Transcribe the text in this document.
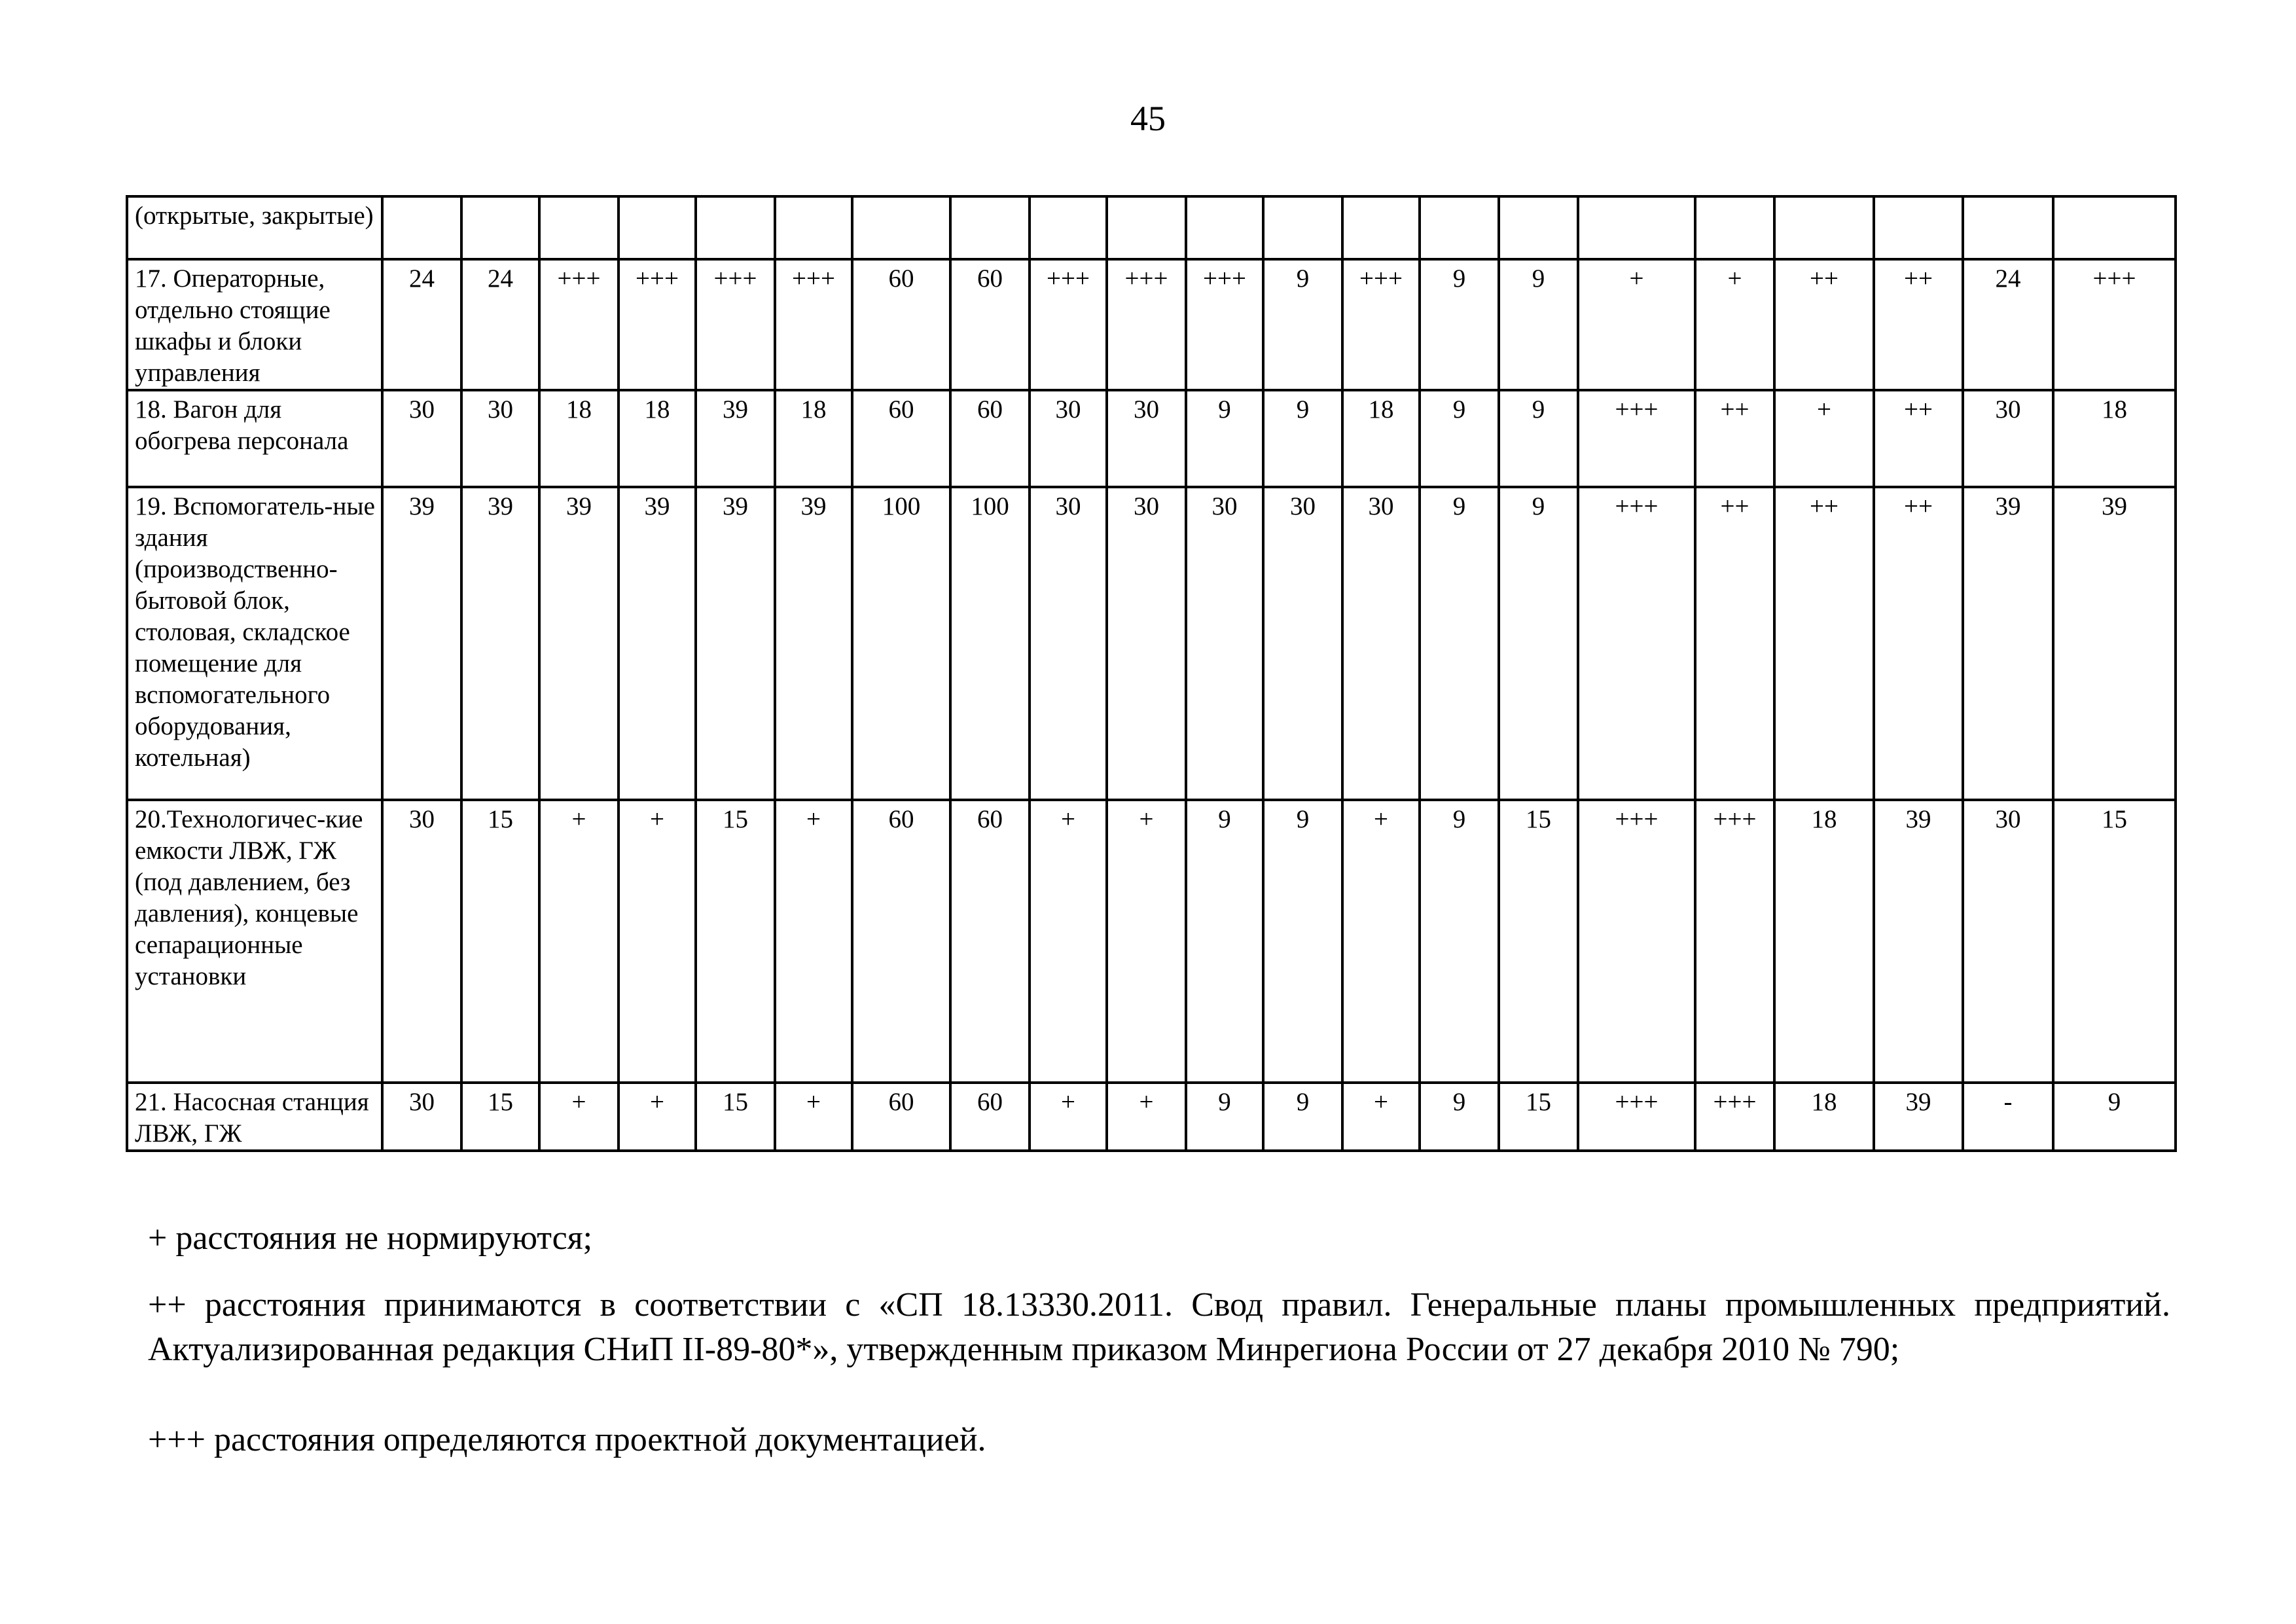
45
(открытые, закрытые)																					
17. Операторные, отдельно стоящие шкафы и блоки управления	24	24	+++	+++	+++	+++	60	60	+++	+++	+++	9	+++	9	9	+	+	++	++	24	+++
18. Вагон для обогрева персонала	30	30	18	18	39	18	60	60	30	30	9	9	18	9	9	+++	++	+	++	30	18
19. Вспомогатель-ные здания (производственно-бытовой блок, столовая, складское помещение для вспомогательного оборудования, котельная)	39	39	39	39	39	39	100	100	30	30	30	30	30	9	9	+++	++	++	++	39	39
20.Технологичес-кие емкости ЛВЖ, ГЖ (под давлением, без давления), концевые сепарационные установки	30	15	+	+	15	+	60	60	+	+	9	9	+	9	15	+++	+++	18	39	30	15
21. Насосная станция ЛВЖ, ГЖ	30	15	+	+	15	+	60	60	+	+	9	9	+	9	15	+++	+++	18	39	-	9
+ расстояния не нормируются;
++ расстояния принимаются в соответствии с «СП 18.13330.2011. Свод правил. Генеральные планы промышленных предприятий. Актуализированная редакция СНиП II-89-80*», утвержденным приказом Минрегиона России от 27 декабря 2010 № 790;
+++ расстояния определяются проектной документацией.
